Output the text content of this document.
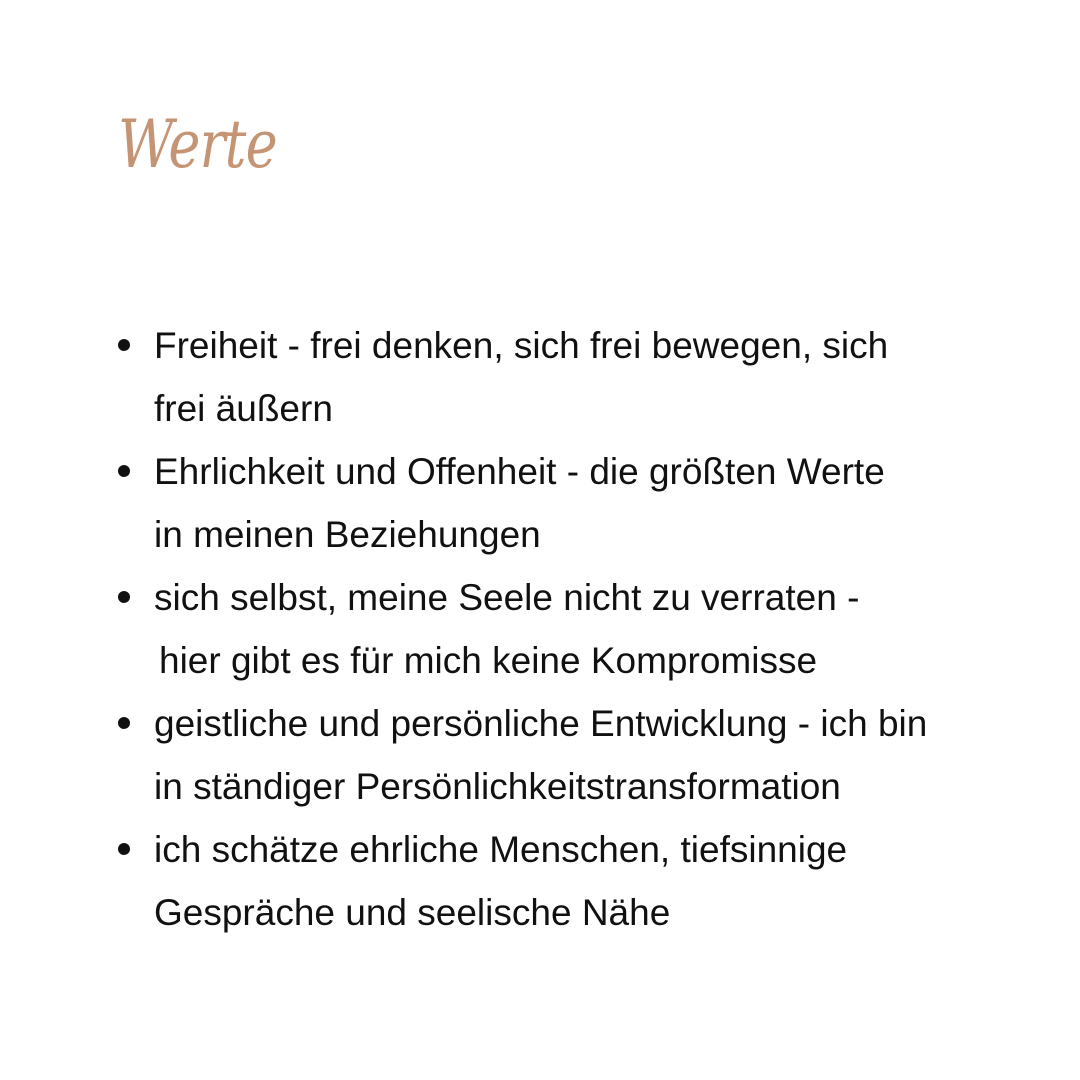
Werte
Freiheit - frei denken, sich frei bewegen, sich
frei äußern
Ehrlichkeit und Offenheit - die größten Werte
in meinen Beziehungen
sich selbst, meine Seele nicht zu verraten -
hier gibt es für mich keine Kompromisse
geistliche und persönliche Entwicklung - ich bin
in ständiger Persönlichkeitstransformation
ich schätze ehrliche Menschen, tiefsinnige
Gespräche und seelische Nähe
